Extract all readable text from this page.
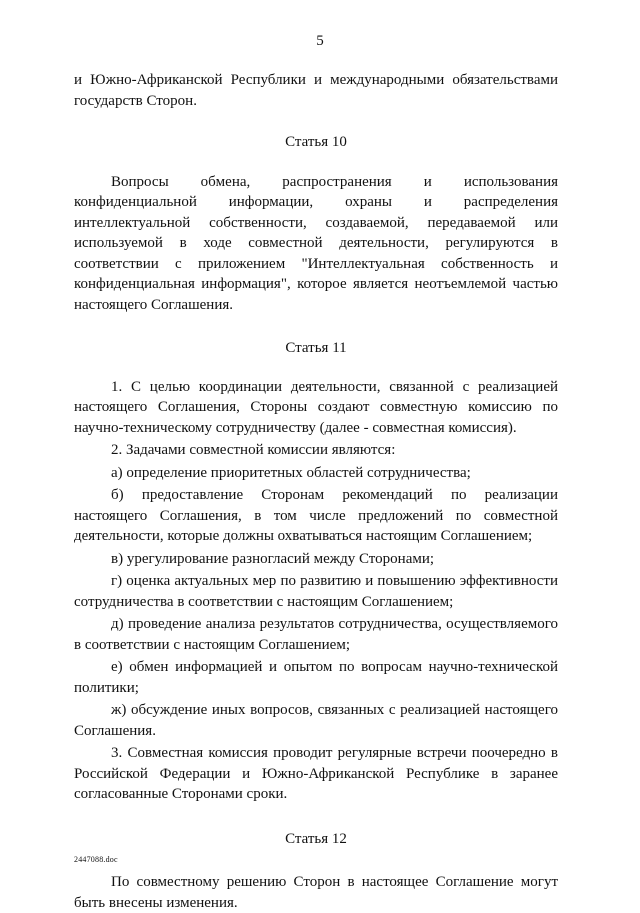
5

и Южно-Африканской Республики и международными обязательствами государств Сторон.

Статья 10

Вопросы обмена, распространения и использования конфиденциальной информации, охраны и распределения интеллектуальной собственности, создаваемой, передаваемой или используемой в ходе совместной деятельности, регулируются в соответствии с приложением "Интеллектуальная собственность и конфиденциальная информация", которое является неотъемлемой частью настоящего Соглашения.

Статья 11

1. С целью координации деятельности, связанной с реализацией настоящего Соглашения, Стороны создают совместную комиссию по научно-техническому сотрудничеству (далее - совместная комиссия).

2. Задачами совместной комиссии являются:

а) определение приоритетных областей сотрудничества;

б) предоставление Сторонам рекомендаций по реализации настоящего Соглашения, в том числе предложений по совместной деятельности, которые должны охватываться настоящим Соглашением;

в) урегулирование разногласий между Сторонами;

г) оценка актуальных мер по развитию и повышению эффективности сотрудничества в соответствии с настоящим Соглашением;

д) проведение анализа результатов сотрудничества, осуществляемого в соответствии с настоящим Соглашением;

е) обмен информацией и опытом по вопросам научно-технической политики;

ж) обсуждение иных вопросов, связанных с реализацией настоящего Соглашения.

3. Совместная комиссия проводит регулярные встречи поочередно в Российской Федерации и Южно-Африканской Республике в заранее согласованные Сторонами сроки.

Статья 12

По совместному решению Сторон в настоящее Соглашение могут быть внесены изменения.

2447088.doc
